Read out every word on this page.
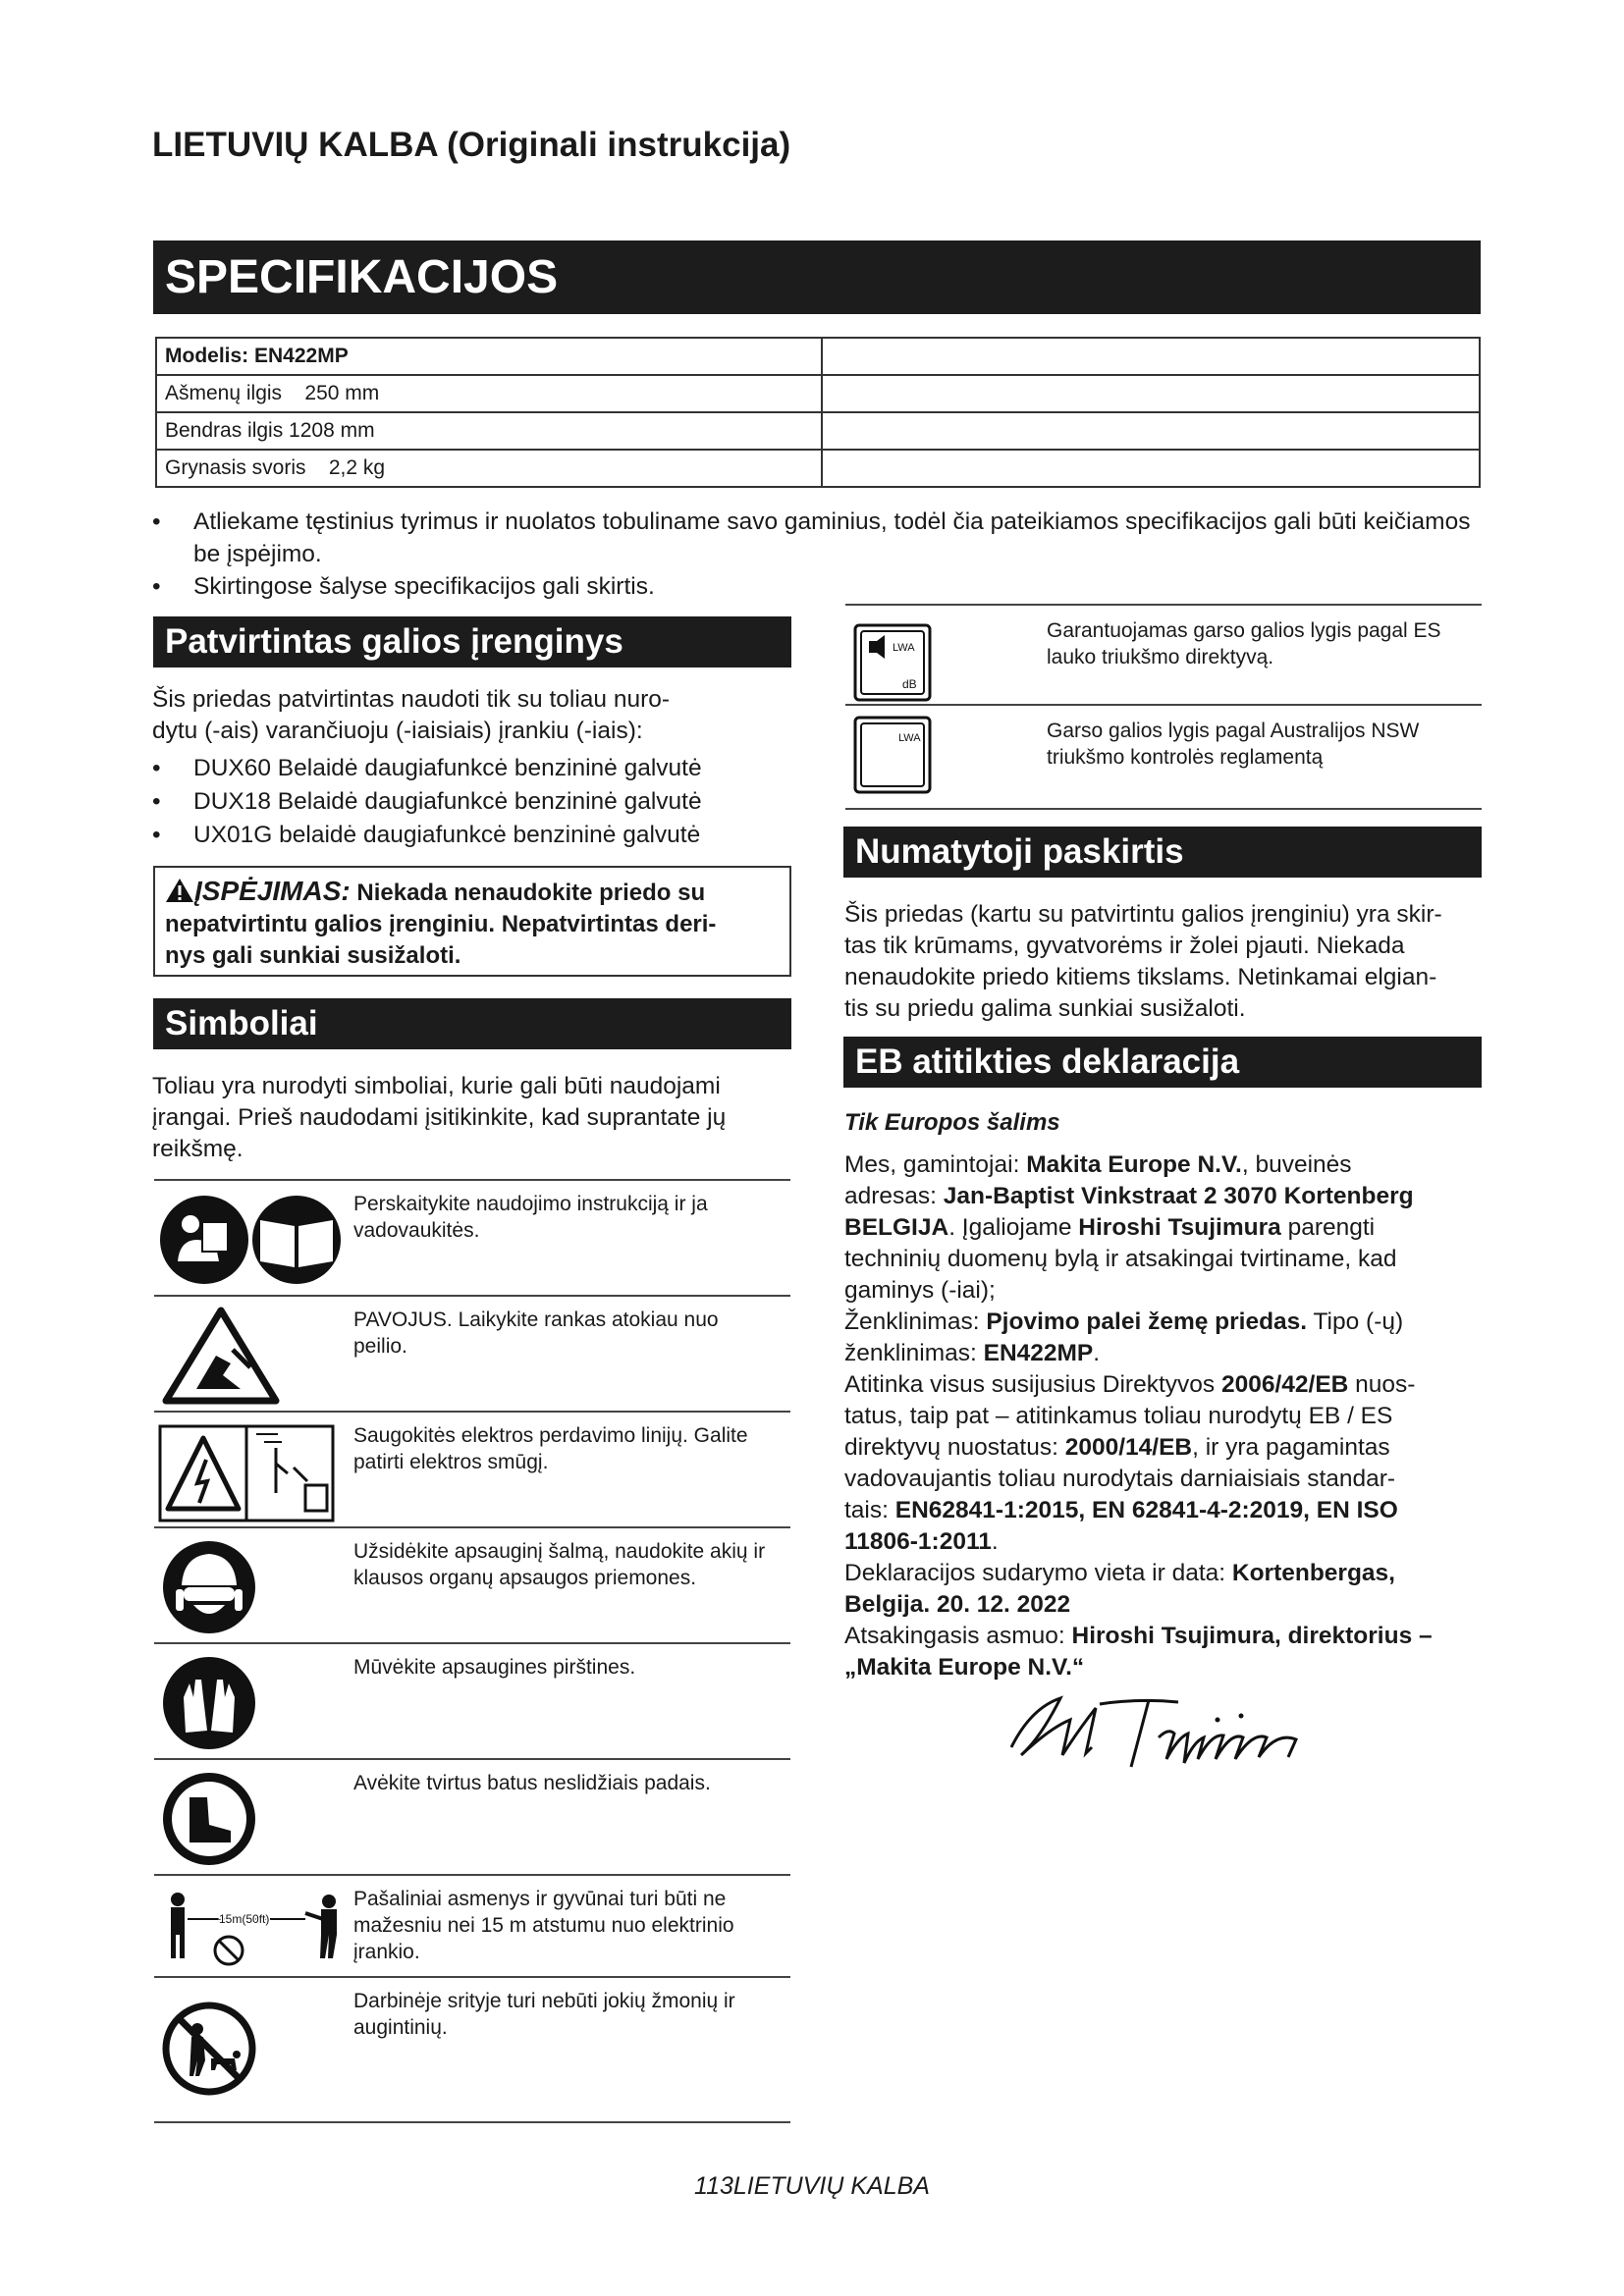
LIETUVIŲ KALBA (Originali instrukcija)
SPECIFIKACIJOS
Modelis: EN422MP	
Ašmenų ilgis    250 mm	
Bendras ilgis 1208 mm	
Grynasis svoris    2,2 kg	
• Atliekame tęstinius tyrimus ir nuolatos tobuliname savo gaminius, todėl čia pateikiamos specifikacijos gali būti keičiamos be įspėjimo.
• Skirtingose šalyse specifikacijos gali skirtis.
Patvirtintas galios įrenginys
Šis priedas patvirtintas naudoti tik su toliau nuro-
dytu (-ais) varančiuoju (-iaisiais) įrankiu (-iais):
• DUX60 Belaidė daugiafunkcė benzininė galvutė
• DUX18 Belaidė daugiafunkcė benzininė galvutė
• UX01G belaidė daugiafunkcė benzininė galvutė
ĮSPĖJIMAS: Niekada nenaudokite priedo su
nepatvirtintu galios įrenginiu. Nepatvirtintas deri-
nys gali sunkiai susižaloti.
Simboliai
Toliau yra nurodyti simboliai, kurie gali būti naudojami
įrangai. Prieš naudodami įsitikinkite, kad suprantate jų
reikšmę.
Perskaitykite naudojimo instrukciją ir ja vadovaukitės.
PAVOJUS. Laikykite rankas atokiau nuo peilio.
Saugokitės elektros perdavimo linijų. Galite patirti elektros smūgį.
Užsidėkite apsauginį šalmą, naudokite akių ir klausos organų apsaugos priemones.
Mūvėkite apsaugines pirštines.
Avėkite tvirtus batus neslidžiais padais.
15m(50ft)
Pašaliniai asmenys ir gyvūnai turi būti ne mažesniu nei 15 m atstumu nuo elektrinio įrankio.
Darbinėje srityje turi nebūti jokių žmonių ir augintinių.
LWA
dB
Garantuojamas garso galios lygis pagal ES lauko triukšmo direktyvą.
LWA	Garso galios lygis pagal Australijos NSW triukšmo kontrolės reglamentą
Numatytoji paskirtis
Šis priedas (kartu su patvirtintu galios įrenginiu) yra skir-
tas tik krūmams, gyvatvorėms ir žolei pjauti. Niekada
nenaudokite priedo kitiems tikslams. Netinkamai elgian-
tis su priedu galima sunkiai susižaloti.
EB atitikties deklaracija
Tik Europos šalims

Mes, gamintojai: Makita Europe N.V., buveinės

adresas: Jan-Baptist Vinkstraat 2 3070 Kortenberg

BELGIJA. Įgaliojame Hiroshi Tsujimura parengti

techninių duomenų bylą ir atsakingai tvirtiname, kad

gaminys (-iai);

Ženklinimas: Pjovimo palei žemę priedas. Tipo (-ų)

ženklinimas: EN422MP.

Atitinka visus susijusius Direktyvos 2006/42/EB nuos-

tatus, taip pat – atitinkamus toliau nurodytų EB / ES

direktyvų nuostatus: 2000/14/EB, ir yra pagamintas

vadovaujantis toliau nurodytais darniaisiais standar-

tais: EN62841-1:2015, EN 62841-4-2:2019, EN ISO

11806-1:2011.

Deklaracijos sudarymo vieta ir data: Kortenbergas,

Belgija. 20. 12. 2022

Atsakingasis asmuo: Hiroshi Tsujimura, direktorius –

„Makita Europe N.V.“

113LIETUVIŲ KALBA
